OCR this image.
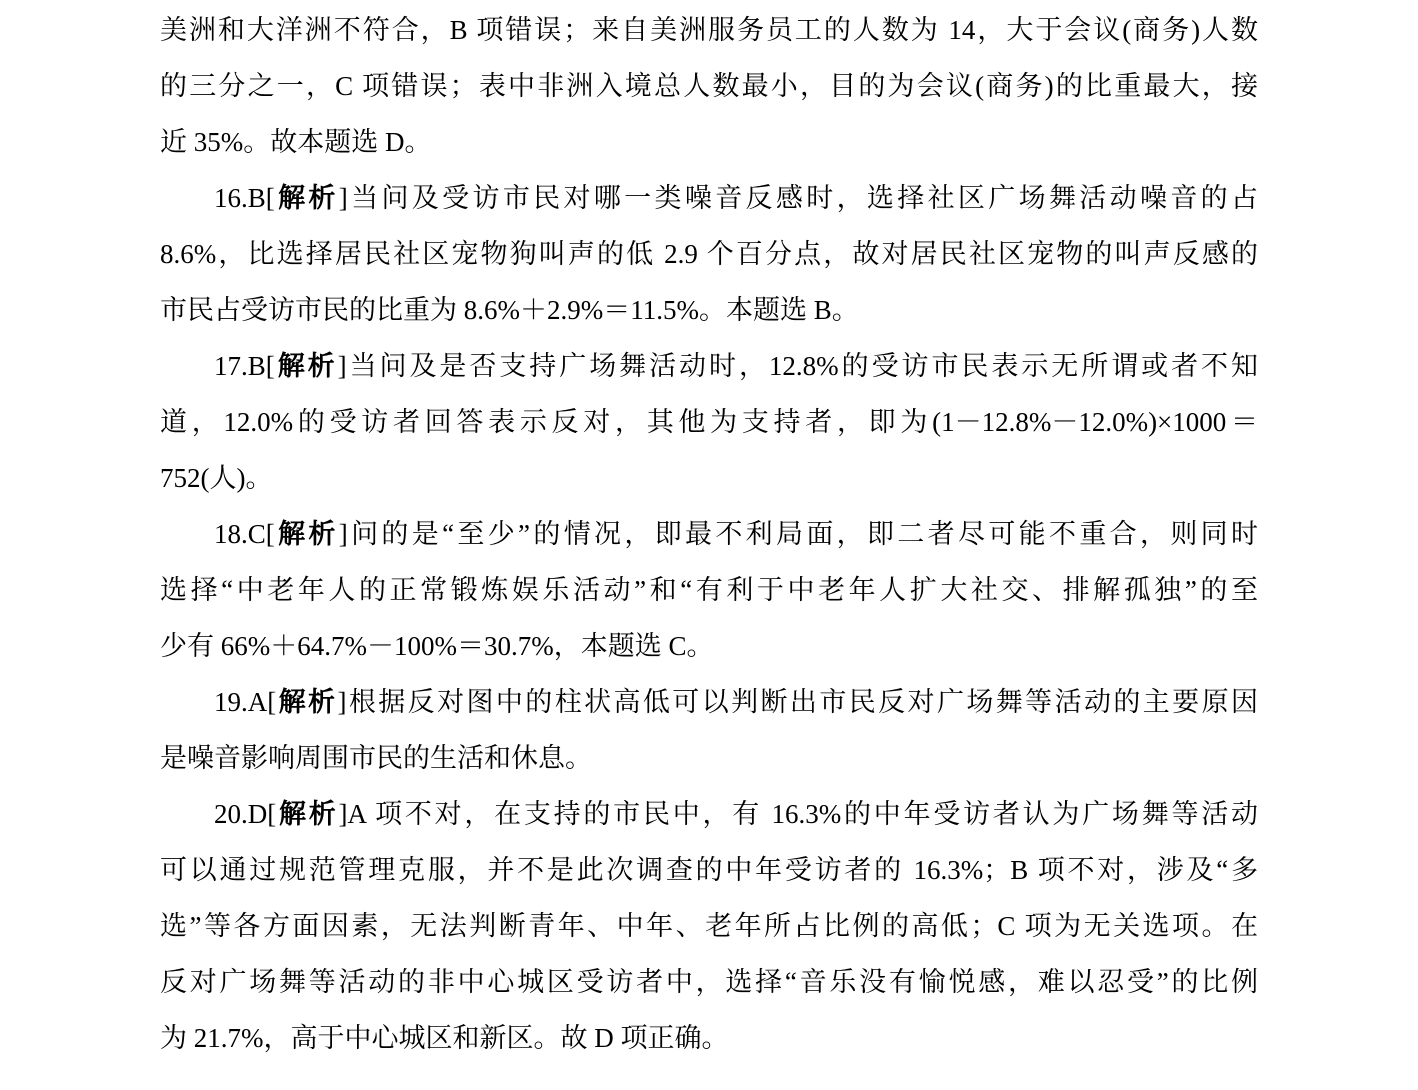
美洲和大洋洲不符合，B 项错误；来自美洲服务员工的人数为 14，大于会议(商务)人数
的三分之一，C 项错误；表中非洲入境总人数最小，目的为会议(商务)的比重最大，接
近 35%。故本题选 D。
16.B[解析]当问及受访市民对哪一类噪音反感时，选择社区广场舞活动噪音的占
8.6%，比选择居民社区宠物狗叫声的低 2.9 个百分点，故对居民社区宠物的叫声反感的
市民占受访市民的比重为 8.6%＋2.9%＝11.5%。本题选 B。
17.B[解析]当问及是否支持广场舞活动时，12.8%的受访市民表示无所谓或者不知
道，12.0%的受访者回答表示反对，其他为支持者，即为(1－12.8%－12.0%)×1000＝
752(人)。
18.C[解析]问的是“至少”的情况，即最不利局面，即二者尽可能不重合，则同时
选择“中老年人的正常锻炼娱乐活动”和“有利于中老年人扩大社交、排解孤独”的至
少有 66%＋64.7%－100%＝30.7%，本题选 C。
19.A[解析]根据反对图中的柱状高低可以判断出市民反对广场舞等活动的主要原因
是噪音影响周围市民的生活和休息。
20.D[解析]A 项不对，在支持的市民中，有 16.3%的中年受访者认为广场舞等活动
可以通过规范管理克服，并不是此次调查的中年受访者的 16.3%；B 项不对，涉及“多
选”等各方面因素，无法判断青年、中年、老年所占比例的高低；C 项为无关选项。在
反对广场舞等活动的非中心城区受访者中，选择“音乐没有愉悦感，难以忍受”的比例
为 21.7%，高于中心城区和新区。故 D 项正确。
